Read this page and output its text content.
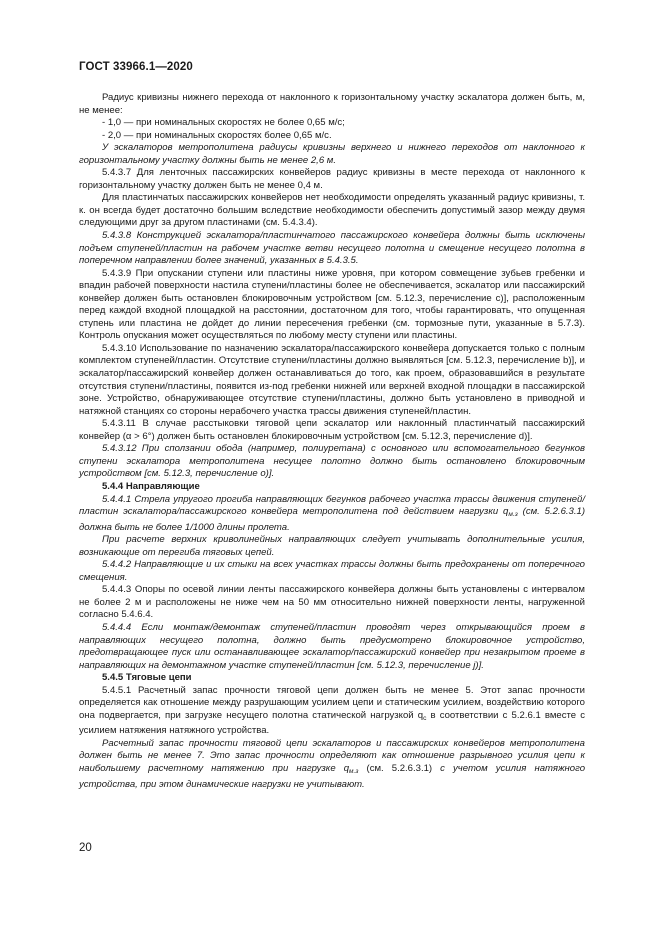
ГОСТ 33966.1—2020

Радиус кривизны нижнего перехода от наклонного к горизонтальному участку эскалатора должен быть, м, не менее:

- 1,0 — при номинальных скоростях не более 0,65 м/с;

- 2,0 — при номинальных скоростях более 0,65 м/с.

У эскалаторов метрополитена радиусы кривизны верхнего и нижнего переходов от наклонного к горизонтальному участку должны быть не менее 2,6 м.

5.4.3.7 Для ленточных пассажирских конвейеров радиус кривизны в месте перехода от наклонного к горизонтальному участку должен быть не менее 0,4 м.

Для пластинчатых пассажирских конвейеров нет необходимости определять указанный радиус кривизны, т. к. он всегда будет достаточно большим вследствие необходимости обеспечить допустимый зазор между двумя следующими друг за другом пластинами (см. 5.4.3.4).

5.4.3.8 Конструкцией эскалатора/пластинчатого пассажирского конвейера должны быть исключены подъем ступеней/пластин на рабочем участке ветви несущего полотна и смещение несущего полотна в поперечном направлении более значений, указанных в 5.4.3.5.

5.4.3.9 При опускании ступени или пластины ниже уровня, при котором совмещение зубьев гребенки и впадин рабочей поверхности настила ступени/пластины более не обеспечивается, эскалатор или пассажирский конвейер должен быть остановлен блокировочным устройством [см. 5.12.3, перечисление с)], расположенным перед каждой входной площадкой на расстоянии, достаточном для того, чтобы гарантировать, что опущенная ступень или пластина не дойдет до линии пересечения гребенки (см. тормозные пути, указанные в 5.7.3). Контроль опускания может осуществляться по любому месту ступени или пластины.

5.4.3.10 Использование по назначению эскалатора/пассажирского конвейера допускается только с полным комплектом ступеней/пластин. Отсутствие ступени/пластины должно выявляться [см. 5.12.3, перечисление b)], и эскалатор/пассажирский конвейер должен останавливаться до того, как проем, образовавшийся в результате отсутствия ступени/пластины, появится из-под гребенки нижней или верхней входной площадки в пассажирской зоне. Устройство, обнаруживающее отсутствие ступени/пластины, должно быть установлено в приводной и натяжной станциях со стороны нерабочего участка трассы движения ступеней/пластин.

5.4.3.11 В случае расстыковки тяговой цепи эскалатор или наклонный пластинчатый пассажирский конвейер (α > 6°) должен быть остановлен блокировочным устройством [см. 5.12.3, перечисление d)].

5.4.3.12 При сползании обода (например, полиуретана) с основного или вспомогательного бегунков ступени эскалатора метрополитена несущее полотно должно быть остановлено блокировочным устройством [см. 5.12.3, перечисление о)].

5.4.4 Направляющие

5.4.4.1 Стрела упругого прогиба направляющих бегунков рабочего участка трассы движения ступеней/пластин эскалатора/пассажирского конвейера метрополитена под действием нагрузки $q_{м.з}$ (см. 5.2.6.3.1) должна быть не более 1/1000 длины пролета.

При расчете верхних криволинейных направляющих следует учитывать дополнительные усилия, возникающие от перегиба тяговых цепей.

5.4.4.2 Направляющие и их стыки на всех участках трассы должны быть предохранены от поперечного смещения.

5.4.4.3 Опоры по осевой линии ленты пассажирского конвейера должны быть установлены с интервалом не более 2 м и расположены не ниже чем на 50 мм относительно нижней поверхности ленты, нагруженной согласно 5.4.6.4.

5.4.4.4 Если монтаж/демонтаж ступеней/пластин проводят через открывающийся проем в направляющих несущего полотна, должно быть предусмотрено блокировочное устройство, предотвращающее пуск или останавливающее эскалатор/пассажирский конвейер при незакрытом проеме в направляющих на демонтажном участке ступеней/пластин [см. 5.12.3, перечисление j)].

5.4.5 Тяговые цепи

5.4.5.1 Расчетный запас прочности тяговой цепи должен быть не менее 5. Этот запас прочности определяется как отношение между разрушающим усилием цепи и статическим усилием, воздействию которого она подвергается, при загрузке несущего полотна статической нагрузкой $q_с$ в соответствии с 5.2.6.1 вместе с усилием натяжения натяжного устройства.

Расчетный запас прочности тяговой цепи эскалаторов и пассажирских конвейеров метрополитена должен быть не менее 7. Это запас прочности определяют как отношение разрывного усилия цепи к наибольшему расчетному натяжению при нагрузке $q_{м.з}$ (см. 5.2.6.3.1) с учетом усилия натяжного устройства, при этом динамические нагрузки не учитывают.

20
